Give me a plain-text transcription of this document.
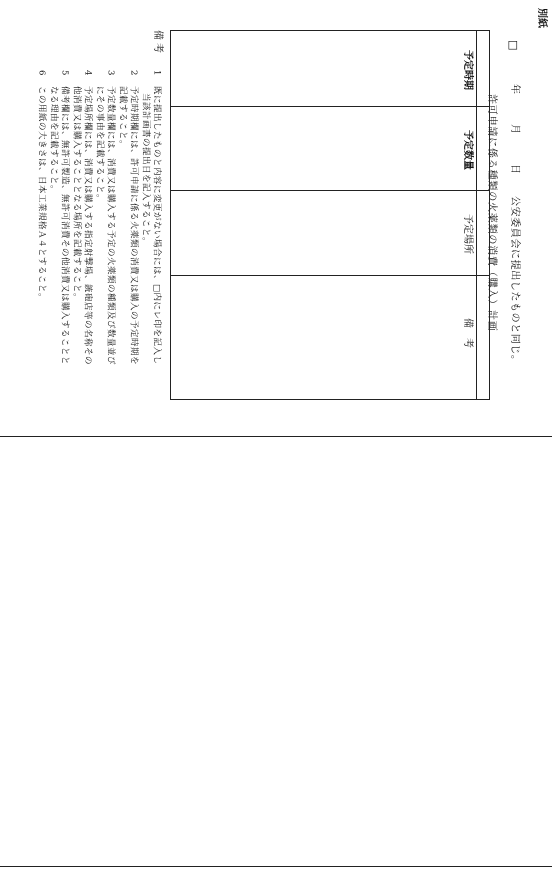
別紙
□
年
月
日
公安委員会に提出したものと同じ。
許可申請に係る種類の火薬類の消費（購入）計画
予定時期
予定数量
予定場所
備　考
備考
1
既に提出したものと内容に変更がない場合には、□内にレ印を記入し
当該計画書の提出日を記入すること。
2
予定時期欄には、許可申請に係る火薬類の消費又は購入の予定時期を
記載すること。
3
予定数量欄には、消費又は購入する予定の火薬類の種類及び数量並び
にその事由を記載すること。
4
予定場所欄には、消費又は購入する指定射撃場、銃砲店等の名称その
他消費又は購入することとなる場所を記載すること。
5
備考欄には、無許可製造、無許可消費その他消費又は購入することと
なる理由を記載すること。
6
この用紙の大きさは、日本工業規格Ａ４とすること。
